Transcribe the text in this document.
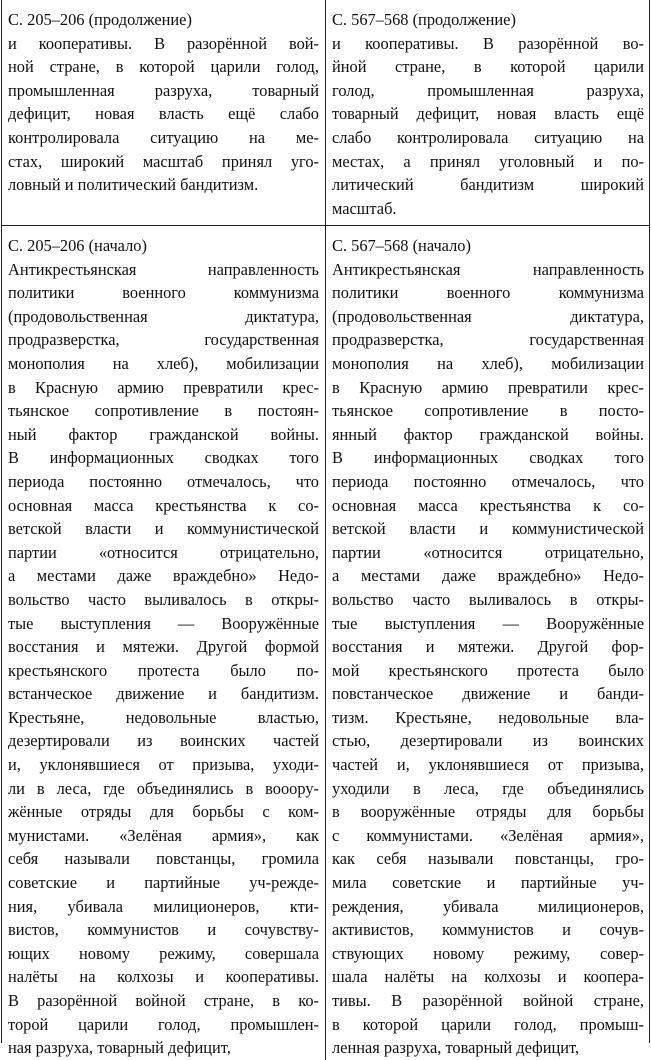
С. 205–206 (продолжение)
и кооперативы. В разорённой вой-
ной стране, в которой царили голод,
промышленная разруха, товарный
дефицит, новая власть ещё слабо
контролировала ситуацию на ме-
стах, широкий масштаб принял уго-
ловный и политический бандитизм.
С. 567–568 (продолжение)
и кооперативы. В разорённой во-
йной стране, в которой царили
голод, промышленная разруха,
товарный дефицит, новая власть ещё
слабо контролировала ситуацию на
местах, а принял уголовный и по-
литический бандитизм широкий
масштаб.
С. 205–206 (начало)
Антикрестьянская направленность
политики военного коммунизма
(продовольственная диктатура,
продразверстка, государственная
монополия на хлеб), мобилизации
в Красную армию превратили крес-
тьянское сопротивление в постоян-
ный фактор гражданской войны.
В информационных сводках того
периода постоянно отмечалось, что
основная масса крестьянства к со-
ветской власти и коммунистической
партии «относится отрицательно,
а местами даже враждебно» Недо-
вольство часто выливалось в откры-
тые выступления — Вооружённые
восстания и мятежи. Другой формой
крестьянского протеста было по-
встанческое движение и бандитизм.
Крестьяне, недовольные властью,
дезертировали из воинских частей
и, уклонявшиеся от призыва, уходи-
ли в леса, где объединялись в вооору-
жённые отряды для борьбы с ком-
мунистами. «Зелёная армия», как
себя называли повстанцы, громила
советские и партийные уч-режде-
ния, убивала милиционеров, кти-
вистов, коммунистов и сочувству-
ющих новому режиму, совершала
налёты на колхозы и кооперативы.
В разорённой войной стране, в ко-
торой царили голод, промышлен-
ная разруха, товарный дефицит,
С. 567–568 (начало)
Антикрестьянская направленность
политики военного коммунизма
(продовольственная диктатура,
продразверстка, государственная
монополия на хлеб), мобилизации
в Красную армию превратили крес-
тьянское сопротивление в посто-
янный фактор гражданской войны.
В информационных сводках того
периода постоянно отмечалось, что
основная масса крестьянства к со-
ветской власти и коммунистической
партии «относится отрицательно,
а местами даже враждебно» Недо-
вольство часто выливалось в откры-
тые выступления — Вооружённые
восстания и мятежи. Другой фор-
мой крестьянского протеста было
повстанческое движение и банди-
тизм. Крестьяне, недовольные вла-
стью, дезертировали из воинских
частей и, уклонявшиеся от призыва,
уходили в леса, где объединялись
в вооружённые отряды для борьбы
с коммунистами. «Зелёная армия»,
как себя называли повстанцы, гро-
мила советские и партийные уч-
реждения, убивала милиционеров,
активистов, коммунистов и сочув-
ствующих новому режиму, совер-
шала налёты на колхозы и коопера-
тивы. В разорённой войной стране,
в которой царили голод, промыш-
ленная разруха, товарный дефицит,
